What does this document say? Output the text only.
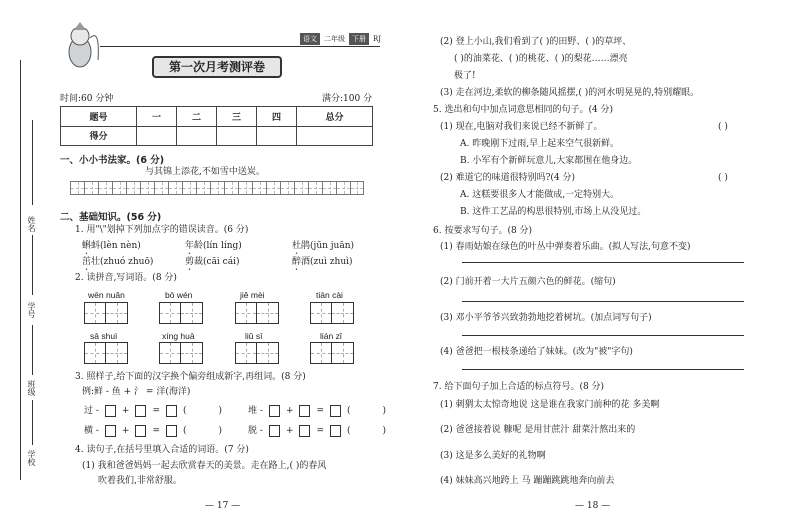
姓名
学号
班级
学校
语文	二年级	下册	RJ
第一次月考测评卷
时间:60 分钟	满分:100 分
题号	一	二	三	四	总分
得分					
一、小小书法家。(6 分)
与其锦上添花,不如雪中送炭。
二、基础知识。(56 分)
1. 用"\"划掉下列加点字的错误读音。(6 分)
蝌蚪(lèn nèn)	年龄(lín líng)	杜鹃(jūn juān)
茁壮(zhuó zhuō)	剪裁(cāi cái)	醉酒(zuì zhuì)
2. 读拼音,写词语。(8 分)
wēn nuǎn	bō wén	jiě mèi	tiān cài
sā shuì	xíng huā	liǔ sī	lián zǐ
3. 照样子,给下面的汉字换个偏旁组成新字,再组词。(8 分)
例:鲜 - 鱼 + 氵 = 洋(海洋)
过 -	+	=	(	)	堆 -	+	=	(	)
横 -	+	=	(	)	脱 -	+	=	(	)
4. 读句子,在括号里填入合适的词语。(7 分)
(1) 我和爸爸妈妈一起去欣赏春天的美景。走在路上,( )的春风
吹着我们,非常舒服。
— 17 —
(2) 登上小山,我们看到了( )的田野、( )的草坪、
( )的油菜花、( )的桃花、( )的梨花……漂亮
极了!
(3) 走在河边,柔软的柳条随风摇摆,( )的河水明晃晃的,特别耀眼。
5. 选出和句中加点词意思相同的句子。(4 分)
(1) 现在,电脑对我们来说已经不新鲜了。	( )
A. 昨晚刚下过雨,早上起来空气很新鲜。
B. 小军有个新鲜玩意儿,大家都围在他身边。
(2) 难道它的味道很特别吗?(4 分)	( )
A. 这糕要很多人才能做成,一定特别大。
B. 这件工艺品的构思很特别,市场上从没见过。
6. 按要求写句子。(8 分)
(1) 春雨姑娘在绿色的叶丛中弹奏着乐曲。(拟人写法,句意不变)
(2) 门前开着一大片五颜六色的鲜花。(缩句)
(3) 邓小平爷爷兴致勃勃地挖着树坑。(加点词写句子)
(4) 爸爸把一根枝条递给了妹妹。(改为"被"字句)
7. 给下面句子加上合适的标点符号。(8 分)
(1) 刺猬太太惊奇地说 这是谁在我家门前种的花 多美啊
(2) 爸爸接着说 糠呢 是用甘蔗汁 甜菜汁熬出来的
(3) 这是多么美好的礼物啊
(4) 妹妹高兴地跨上 马 蹦蹦跳跳地奔向前去
— 18 —
